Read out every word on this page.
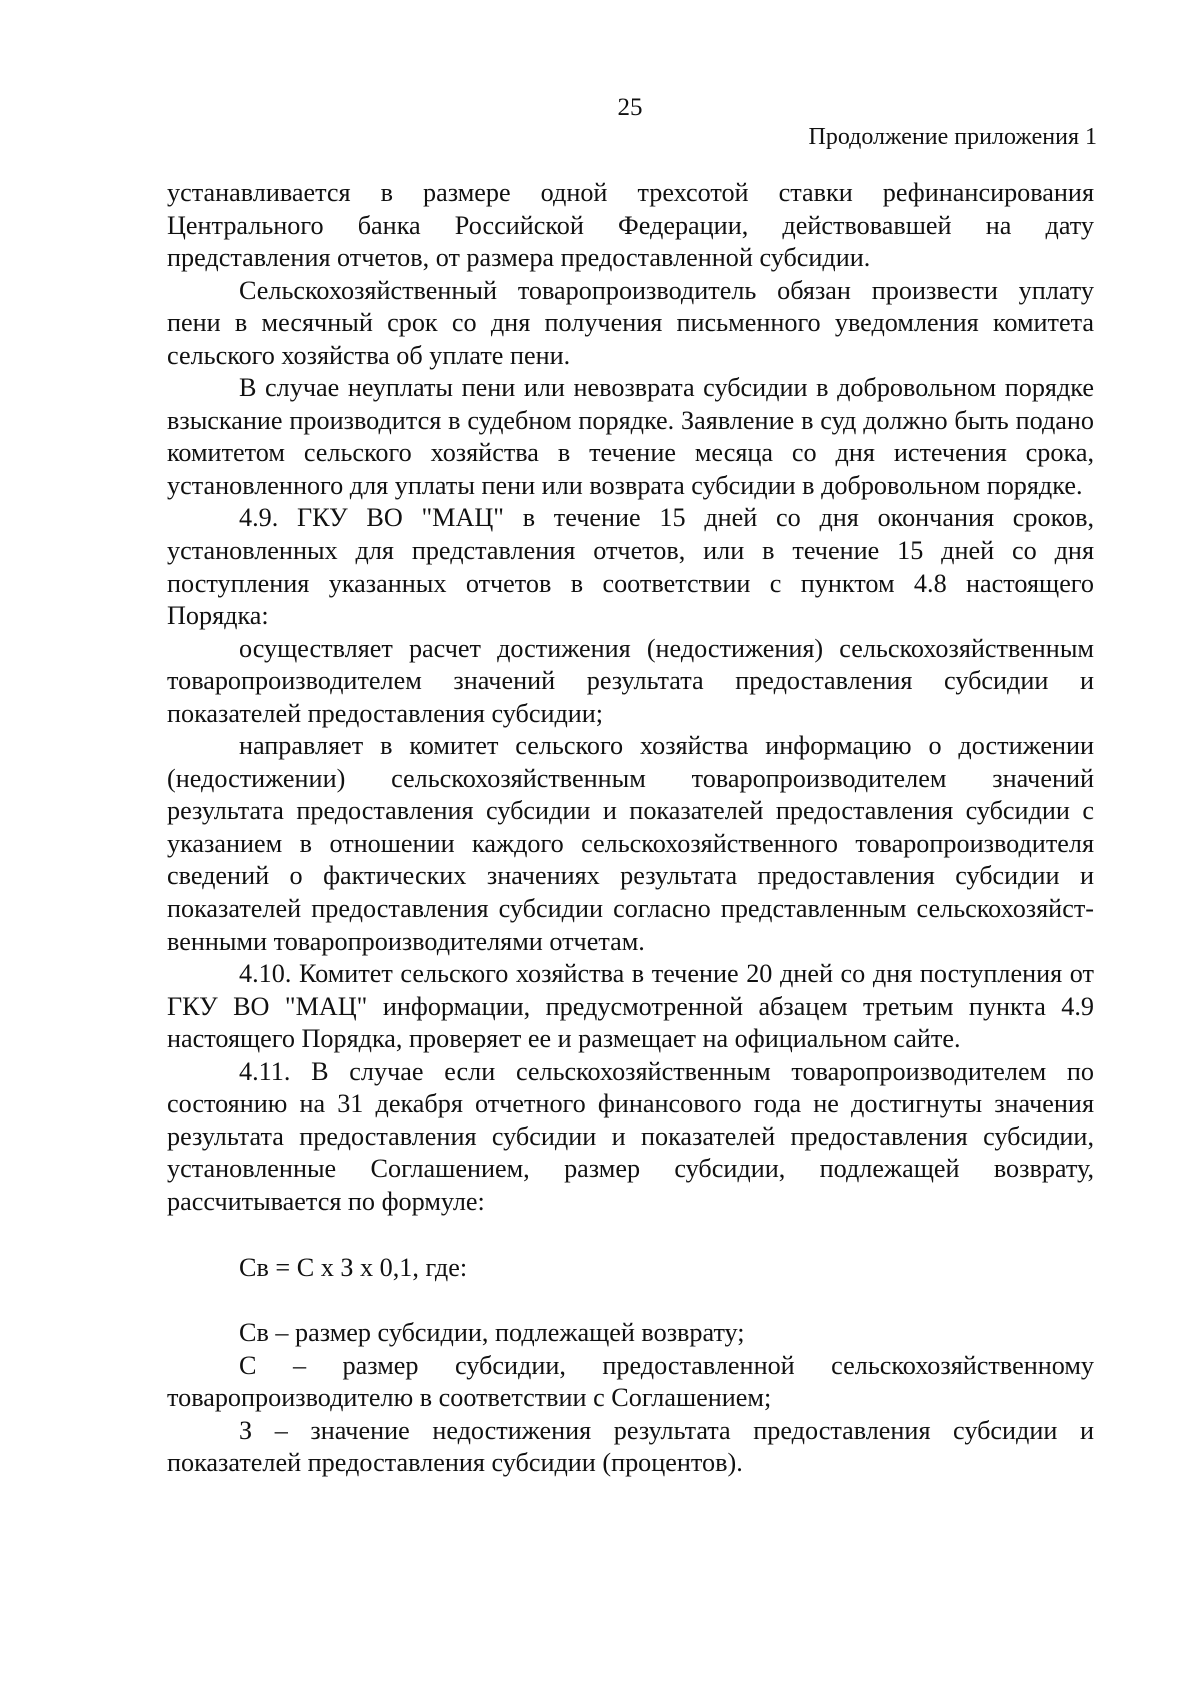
25
Продолжение приложения 1

устанавливается в размере одной трехсотой ставки рефинансирования Центрального банка Российской Федерации, действовавшей на дату представления отчетов, от размера предоставленной субсидии.

Сельскохозяйственный товаропроизводитель обязан произвести уплату пени в месячный срок со дня получения письменного уведомления комитета сельского хозяйства об уплате пени.

В случае неуплаты пени или невозврата субсидии в добровольном порядке взыскание производится в судебном порядке. Заявление в суд должно быть подано комитетом сельского хозяйства в течение месяца со дня истечения срока, установленного для уплаты пени или возврата субсидии в добровольном порядке.

4.9. ГКУ ВО "МАЦ" в течение 15 дней со дня окончания сроков, установленных для представления отчетов, или в течение 15 дней со дня поступления указанных отчетов в соответствии с пунктом 4.8 настоящего Порядка:

осуществляет расчет достижения (недостижения) сельскохозяйственным товаропроизводителем значений результата предоставления субсидии и показателей предоставления субсидии;

направляет в комитет сельского хозяйства информацию о достижении (недостижении) сельскохозяйственным товаропроизводителем значений результата предоставления субсидии и показателей предоставления субсидии с указанием в отношении каждого сельскохозяйственного товаропроизводителя сведений о фактических значениях результата предоставления субсидии и показателей предоставления субсидии согласно представленным сельскохозяйственными товаропроизводителями отчетам.

4.10. Комитет сельского хозяйства в течение 20 дней со дня поступления от ГКУ ВО "МАЦ" информации, предусмотренной абзацем третьим пункта 4.9 настоящего Порядка, проверяет ее и размещает на официальном сайте.

4.11. В случае если сельскохозяйственным товаропроизводителем по состоянию на 31 декабря отчетного финансового года не достигнуты значения результата предоставления субсидии и показателей предоставления субсидии, установленные Соглашением, размер субсидии, подлежащей возврату, рассчитывается по формуле:

Св = С х З х 0,1, где:

Св – размер субсидии, подлежащей возврату;

С – размер субсидии, предоставленной сельскохозяйственному товаропроизводителю в соответствии с Соглашением;

З – значение недостижения результата предоставления субсидии и показателей предоставления субсидии (процентов).
